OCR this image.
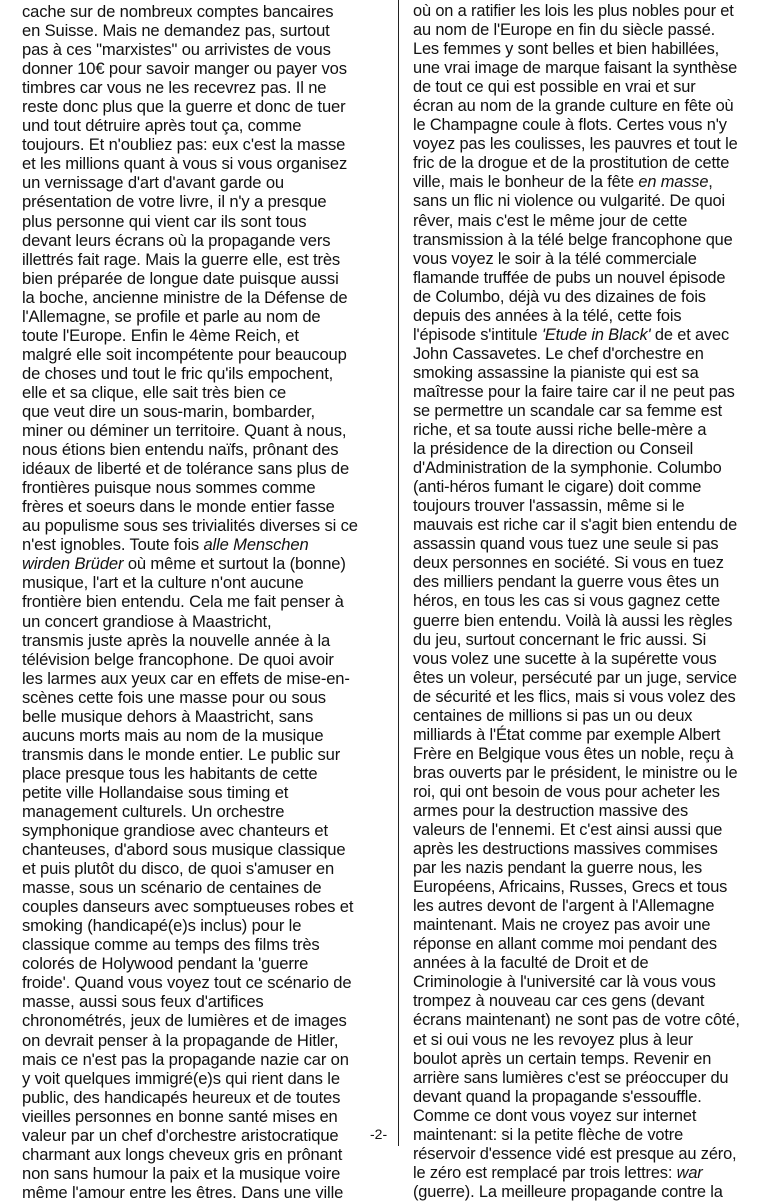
cache sur de nombreux comptes bancaires
en Suisse. Mais ne demandez pas, surtout
pas à ces "marxistes" ou arrivistes de vous
donner 10€ pour savoir manger ou payer vos
timbres car vous ne les recevrez pas. Il ne
reste donc plus que la guerre et donc de tuer
und tout détruire après tout ça, comme
toujours. Et n'oubliez pas: eux c'est la masse
et les millions quant à vous si vous organisez
un vernissage d'art d'avant garde ou
présentation de votre livre, il n'y a presque
plus personne qui vient car ils sont tous
devant leurs écrans où la propagande vers
illettrés fait rage. Mais la guerre elle, est très
bien préparée de longue date puisque aussi
la boche, ancienne ministre de la Défense de
l'Allemagne, se profile et parle au nom de
toute l'Europe. Enfin le 4ème Reich, et
malgré elle soit incompétente pour beaucoup
de choses und tout le fric qu'ils empochent,
elle et sa clique, elle sait très bien ce
que veut dire un sous-marin, bombarder,
miner ou déminer un territoire. Quant à nous,
nous étions bien entendu naïfs, prônant des
idéaux de liberté et de tolérance sans plus de
frontières puisque nous sommes comme
frères et soeurs dans le monde entier fasse
au populisme sous ses trivialités diverses si ce
n'est ignobles. Toute fois alle Menschen
wirden Brüder où même et surtout la (bonne)
musique, l'art et la culture n'ont aucune
frontière bien entendu. Cela me fait penser à
un concert grandiose à Maastricht,
transmis juste après la nouvelle année à la
télévision belge francophone. De quoi avoir
les larmes aux yeux car en effets de mise-en-
scènes cette fois une masse pour ou sous
belle musique dehors à Maastricht, sans
aucuns morts mais au nom de la musique
transmis dans le monde entier. Le public sur
place presque tous les habitants de cette
petite ville Hollandaise sous timing et
management culturels. Un orchestre
symphonique grandiose avec chanteurs et
chanteuses, d'abord sous musique classique
et puis plutôt du disco, de quoi s'amuser en
masse, sous un scénario de centaines de
couples danseurs avec somptueuses robes et
smoking (handicapé(e)s inclus) pour le
classique comme au temps des films très
colorés de Holywood pendant la 'guerre
froide'. Quand vous voyez tout ce scénario de
masse, aussi sous feux d'artifices
chronométrés, jeux de lumières et de images
on devrait penser à la propagande de Hitler,
mais ce n'est pas la propagande nazie car on
y voit quelques immigré(e)s qui rient dans le
public, des handicapés heureux et de toutes
vieilles personnes en bonne santé mises en
valeur par un chef d'orchestre aristocratique
charmant aux longs cheveux gris en prônant
non sans humour la paix et la musique voire
même l'amour entre les êtres. Dans une ville
où on a ratifier les lois les plus nobles pour et
au nom de l'Europe en fin du siècle passé.
Les femmes y sont belles et bien habillées,
une vrai image de marque faisant la synthèse
de tout ce qui est possible en vrai et sur
écran au nom de la grande culture en fête où
le Champagne coule à flots. Certes vous n'y
voyez pas les coulisses, les pauvres et tout le
fric de la drogue et de la prostitution de cette
ville, mais le bonheur de la fête en masse,
sans un flic ni violence ou vulgarité. De quoi
rêver, mais c'est le même jour de cette
transmission à la télé belge francophone que
vous voyez le soir à la télé commerciale
flamande truffée de pubs un nouvel épisode
de Columbo, déjà vu des dizaines de fois
depuis des années à la télé, cette fois
l'épisode s'intitule 'Etude in Black' de et avec
John Cassavetes. Le chef d'orchestre en
smoking assassine la pianiste qui est sa
maîtresse pour la faire taire car il ne peut pas
se permettre un scandale car sa femme est
riche, et sa toute aussi riche belle-mère a
la présidence de la direction ou Conseil
d'Administration de la symphonie. Columbo
(anti-héros fumant le cigare) doit comme
toujours trouver l'assassin, même si le
mauvais est riche car il s'agit bien entendu de
assassin quand vous tuez une seule si pas
deux personnes en société. Si vous en tuez
des milliers pendant la guerre vous êtes un
héros, en tous les cas si vous gagnez cette
guerre bien entendu. Voilà là aussi les règles
du jeu, surtout concernant le fric aussi. Si
vous volez une sucette à la supérette vous
êtes un voleur, persécuté par un juge, service
de sécurité et les flics, mais si vous volez des
centaines de millions si pas un ou deux
milliards à l'État comme par exemple Albert
Frère en Belgique vous êtes un noble, reçu à
bras ouverts par le président, le ministre ou le
roi, qui ont besoin de vous pour acheter les
armes pour la destruction massive des
valeurs de l'ennemi. Et c'est ainsi aussi que
après les destructions massives commises
par les nazis pendant la guerre nous, les
Européens, Africains, Russes, Grecs et tous
les autres devont de l'argent à l'Allemagne
maintenant. Mais ne croyez pas avoir une
réponse en allant comme moi pendant des
années à la faculté de Droit et de
Criminologie à l'université car là vous vous
trompez à nouveau car ces gens (devant
écrans maintenant) ne sont pas de votre côté,
et si oui vous ne les revoyez plus à leur
boulot après un certain temps. Revenir en
arrière sans lumières c'est se préoccuper du
devant quand la propagande s'essouffle.
Comme ce dont vous voyez sur internet
maintenant: si la petite flèche de votre
réservoir d'essence vidé est presque au zéro,
le zéro est remplacé par trois lettres: war
(guerre). La meilleure propagande contre la
-2-
